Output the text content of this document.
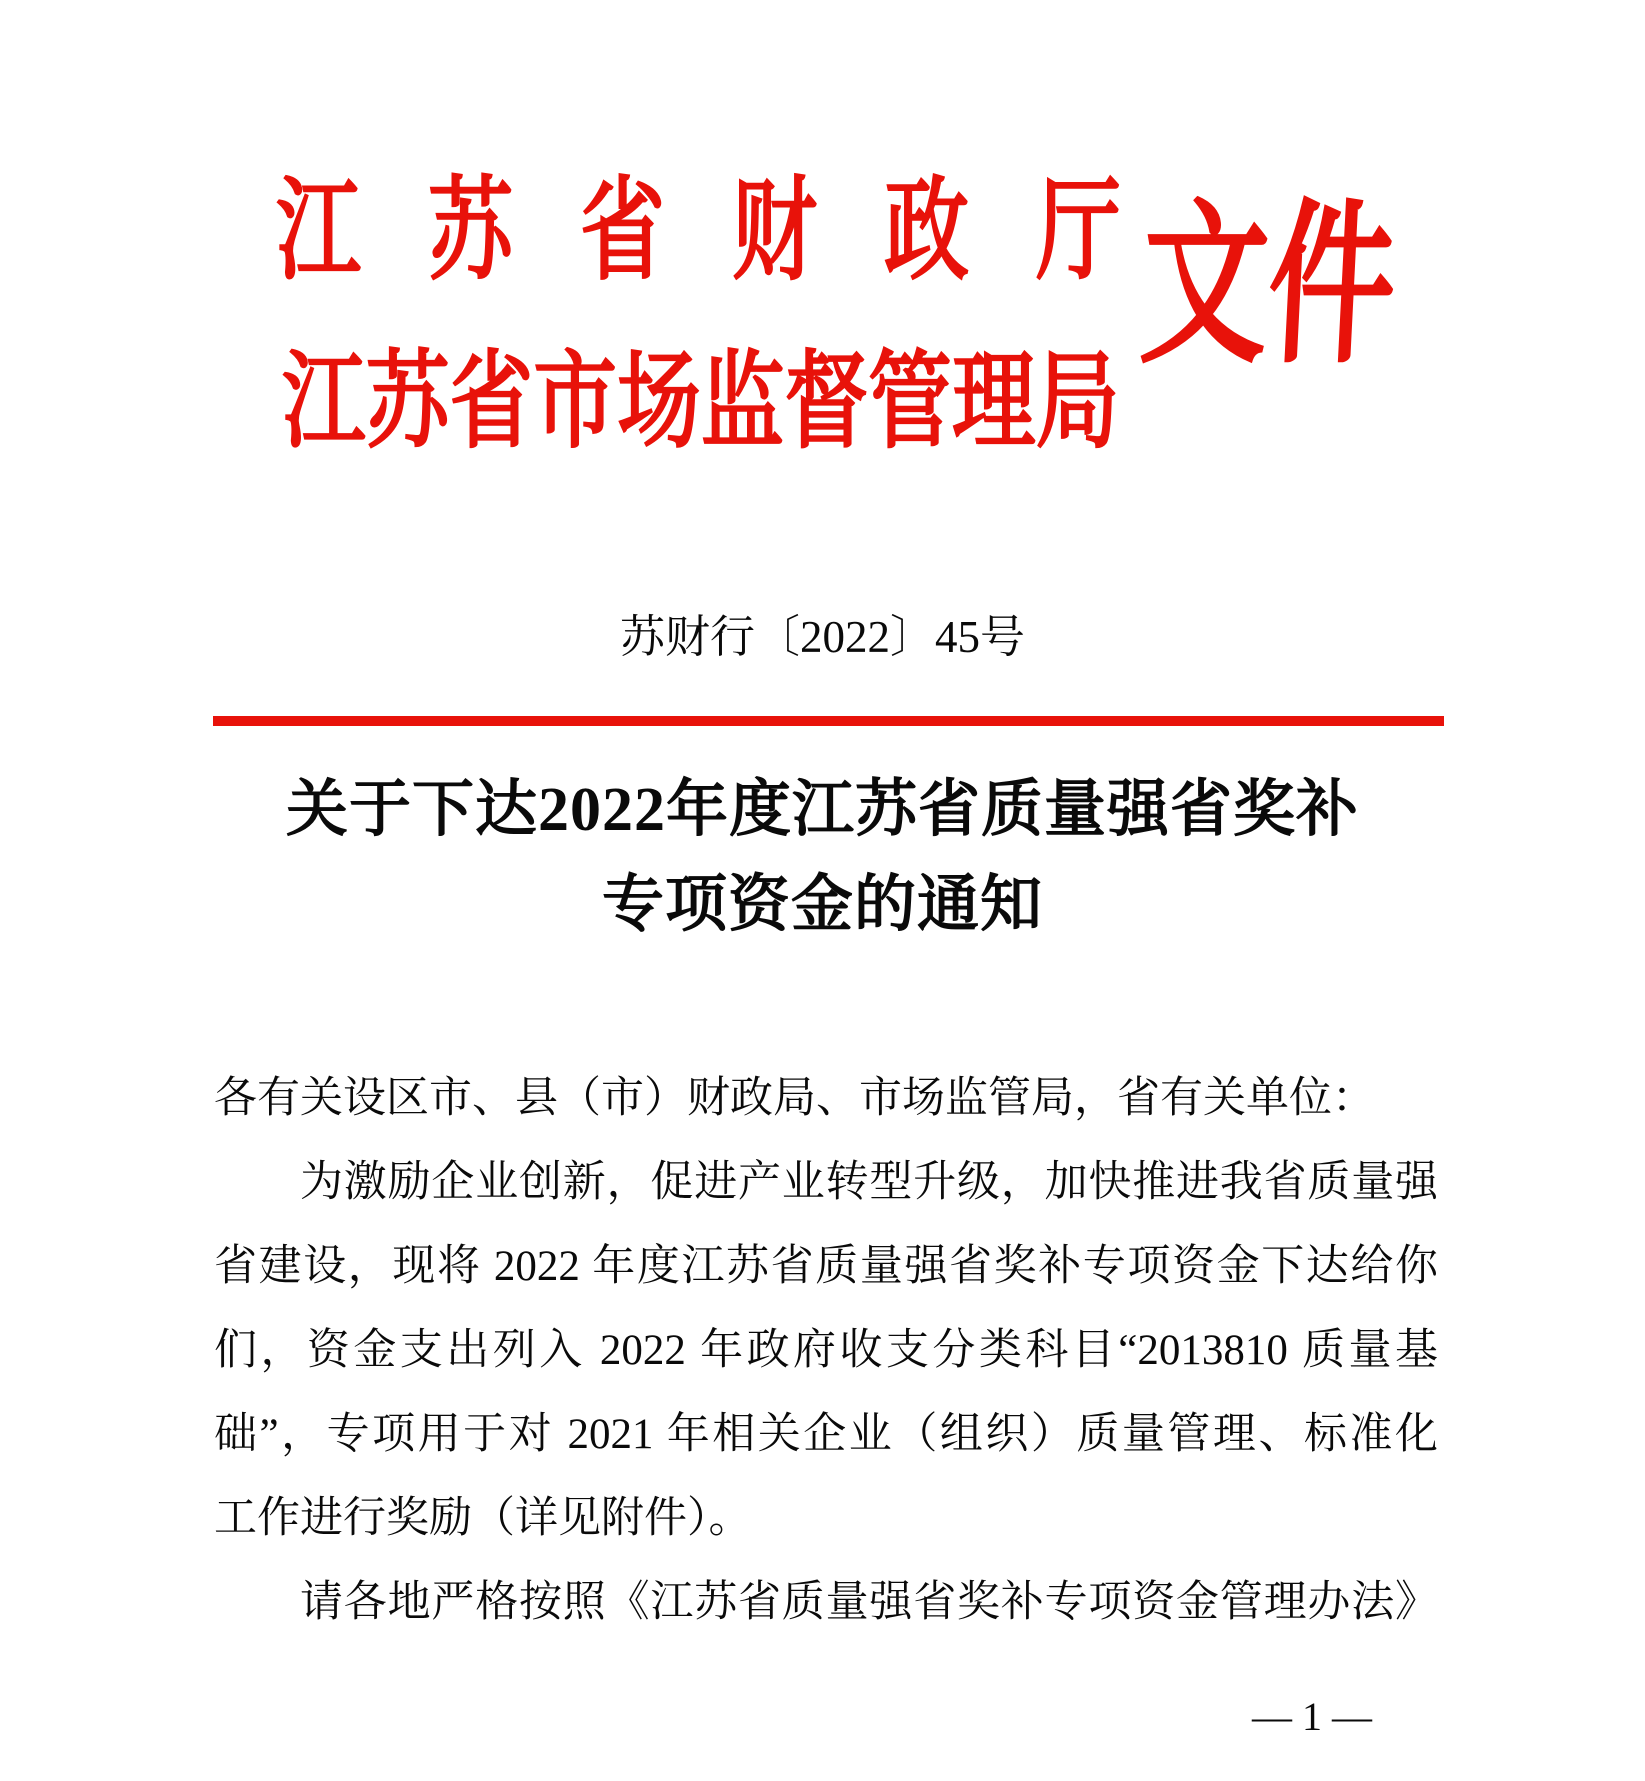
江苏省财政厅
江苏省市场监督管理局
文件
苏财行〔2022〕45号
关于下达2022年度江苏省质量强省奖补
专项资金的通知
各有关设区市、县（市）财政局、市场监管局，省有关单位：
为激励企业创新，促进产业转型升级，加快推进我省质量强
省建设，现将 2022 年度江苏省质量强省奖补专项资金下达给你
们，资金支出列入 2022 年政府收支分类科目“2013810 质量基
础”，专项用于对 2021 年相关企业（组织）质量管理、标准化
工作进行奖励（详见附件）。
请各地严格按照《江苏省质量强省奖补专项资金管理办法》
— 1 —
